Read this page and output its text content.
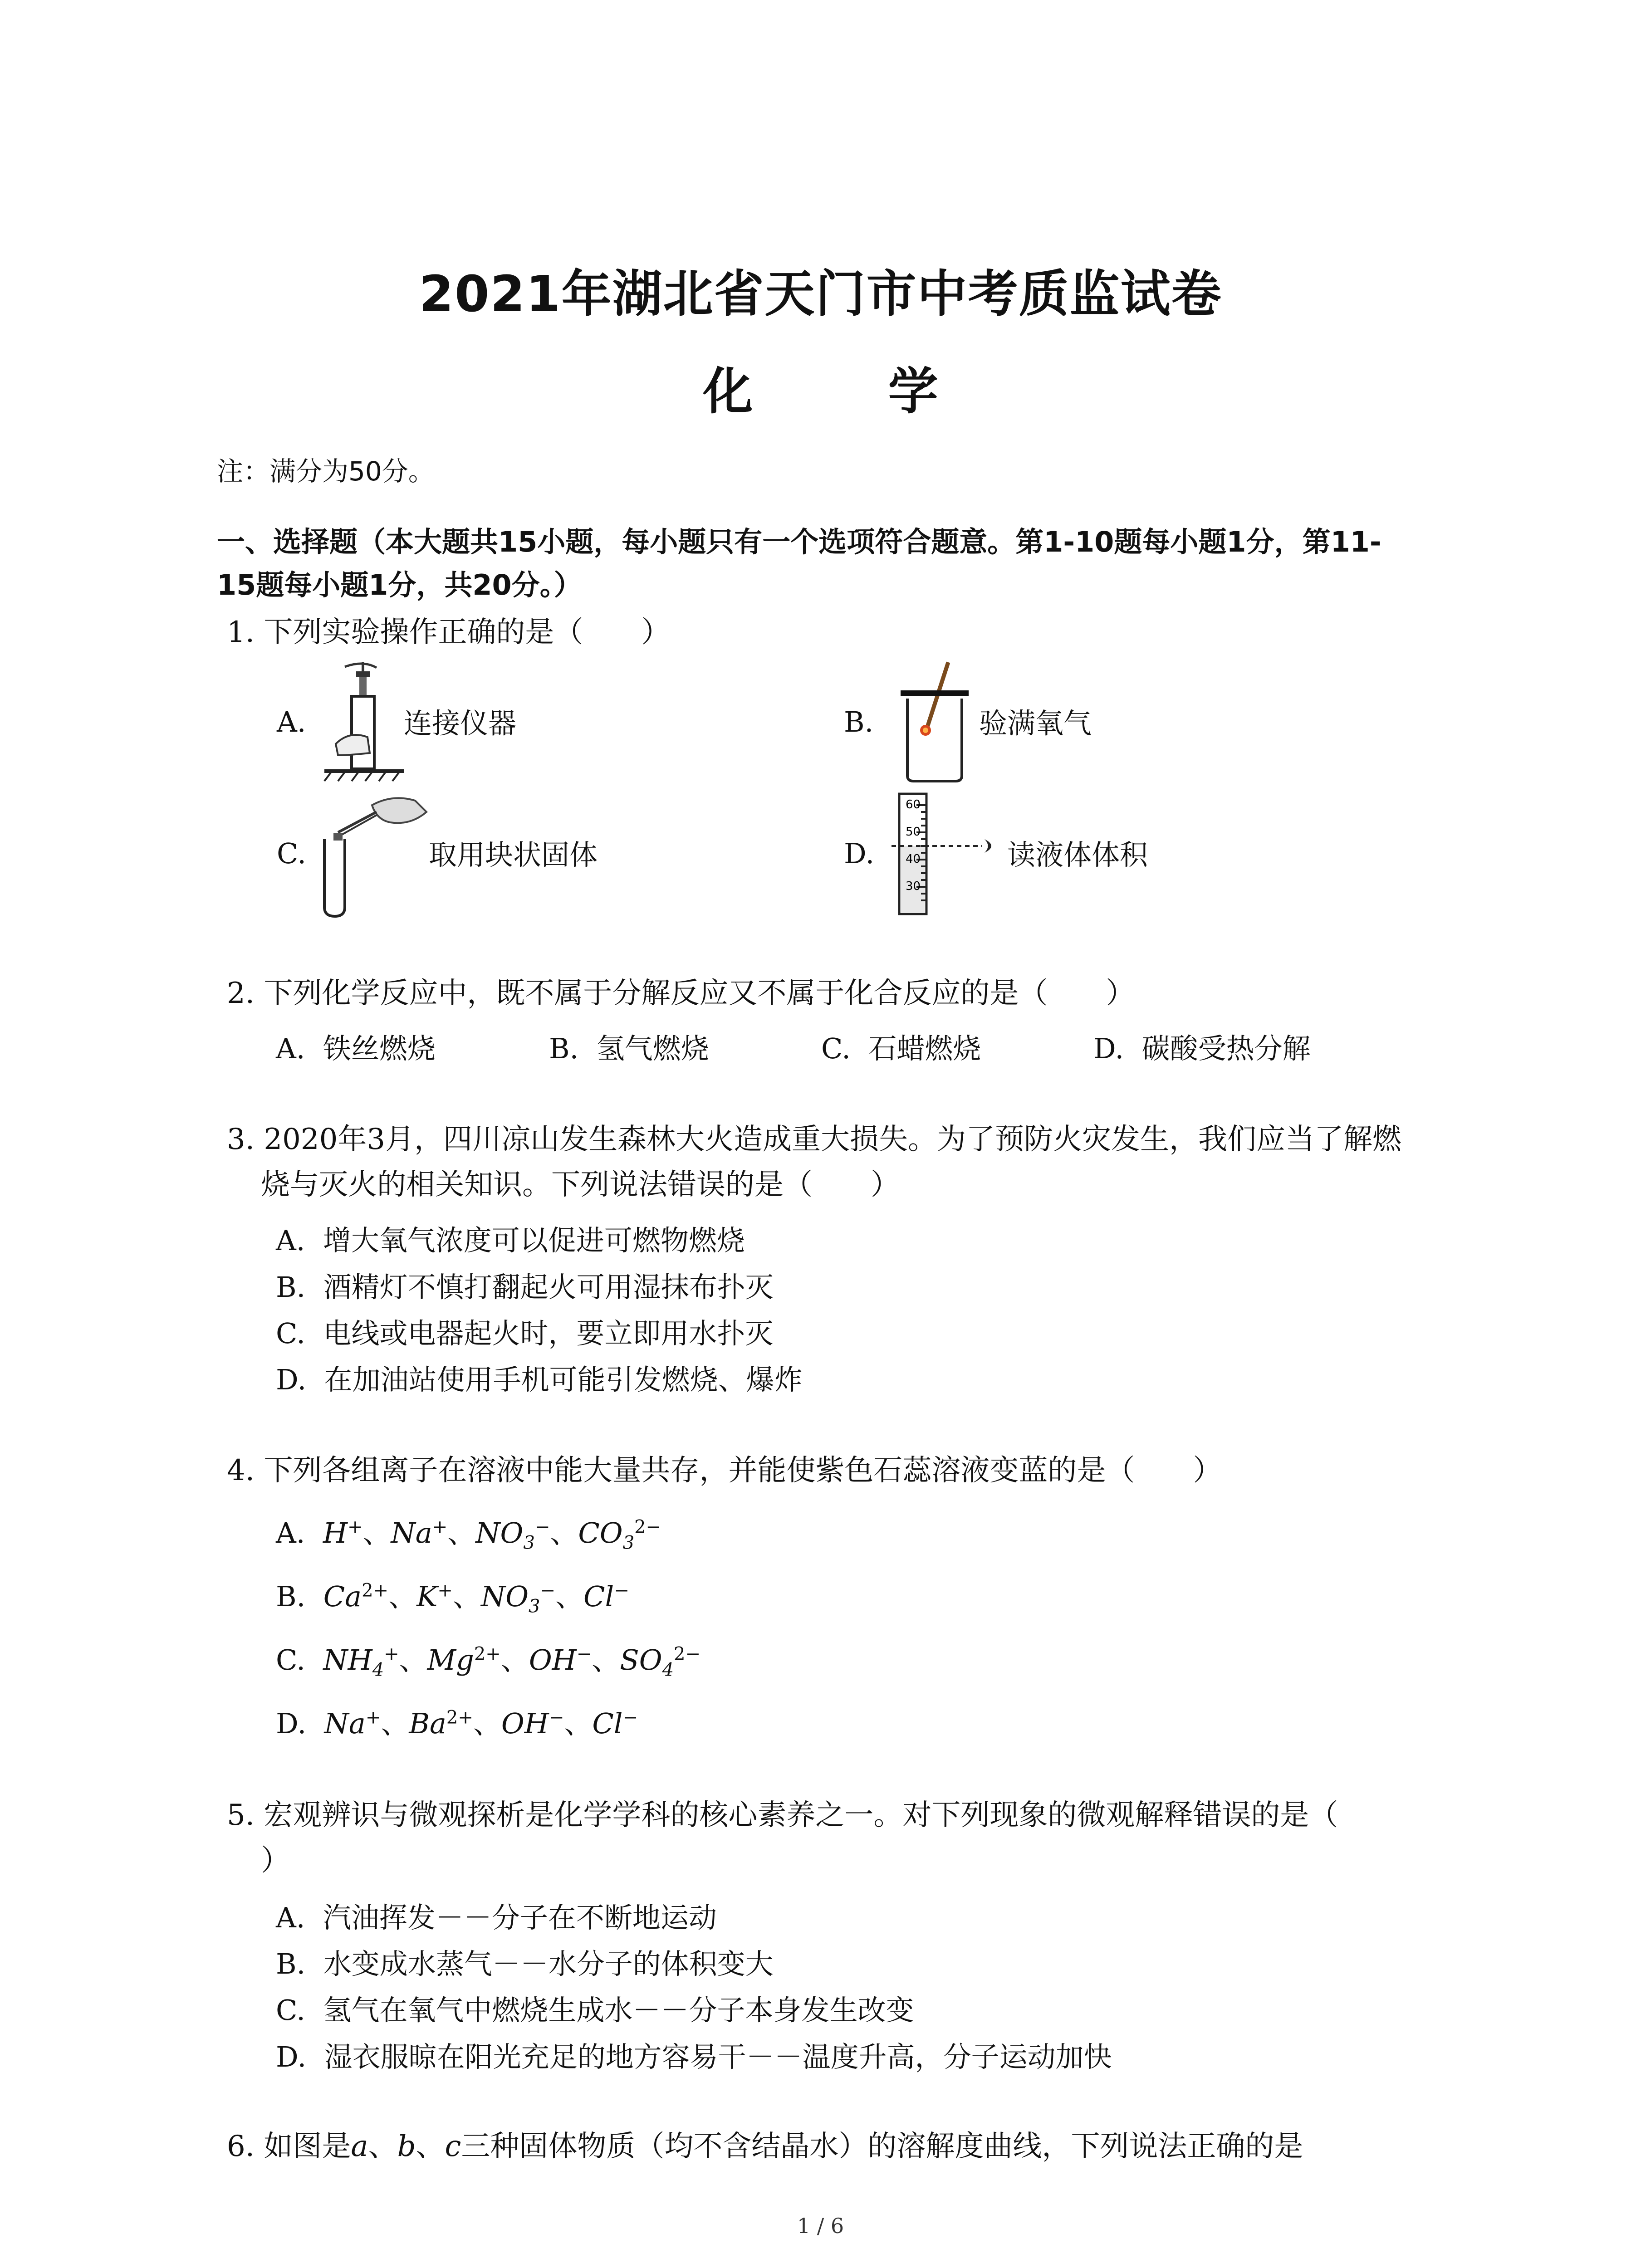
2021年湖北省天门市中考质监试卷
化 学
注：满分为50分。
一、选择题（本大题共15小题，每小题只有一个选项符合题意。第1-10题每小题1分，第11-
15题每小题1分，共20分。）
1. 下列实验操作正确的是（　　）
A.	连接仪器	B.	验满氧气
C.	取用块状固体	D.
60
50
40
30
读液体体积
2. 下列化学反应中，既不属于分解反应又不属于化合反应的是（　　）
A. 铁丝燃烧	B. 氢气燃烧	C. 石蜡燃烧	D. 碳酸受热分解
3. 2020年3月，四川凉山发生森林大火造成重大损失。为了预防火灾发生，我们应当了解燃
烧与灭火的相关知识。下列说法错误的是（　　）
A. 增大氧气浓度可以促进可燃物燃烧
B. 酒精灯不慎打翻起火可用湿抹布扑灭
C. 电线或电器起火时，要立即用水扑灭
D. 在加油站使用手机可能引发燃烧、爆炸
4. 下列各组离子在溶液中能大量共存，并能使紫色石蕊溶液变蓝的是（　　）
A. H+、Na+、$NO_3^-$、$CO_3^{2-}$
B. $Ca^{2+}$、K+、$NO_3^-$、Cl−
C. $NH_4^+$、$Mg^{2+}$、OH−、$SO_4^{2-}$
D. Na+、$Ba^{2+}$、OH−、Cl−
5. 宏观辨识与微观探析是化学学科的核心素养之一。对下列现象的微观解释错误的是（
）
A. 汽油挥发－－分子在不断地运动
B. 水变成水蒸气－－水分子的体积变大
C. 氢气在氧气中燃烧生成水－－分子本身发生改变
D. 湿衣服晾在阳光充足的地方容易干－－温度升高，分子运动加快
6. 如图是a、b、c三种固体物质（均不含结晶水）的溶解度曲线，下列说法正确的是
1 / 6
